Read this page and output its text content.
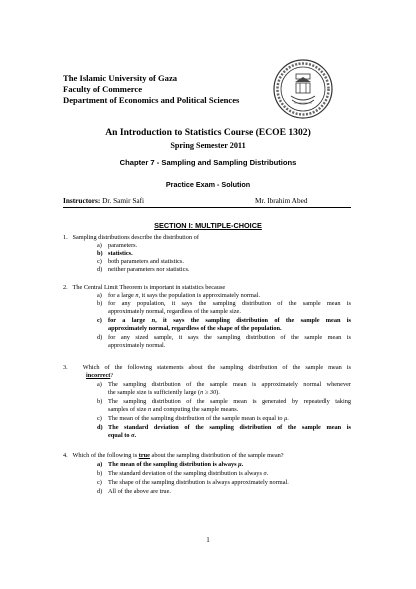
The Islamic University of Gaza
Faculty of Commerce
Department of Economics and Political Sciences
An Introduction to Statistics Course (ECOE 1302)
Spring Semester 2011
Chapter 7 - Sampling and Sampling Distributions
Practice Exam - Solution
Instructors: Dr. Samir Safi	Mr. Ibrahim Abed
SECTION I: MULTIPLE-CHOICE
1. Sampling distributions describe the distribution of
a) parameters.
b) statistics.
c) both parameters and statistics.
d) neither parameters nor statistics.
2. The Central Limit Theorem is important in statistics because
a) for a large n, it says the population is approximately normal.
b) for any population, it says the sampling distribution of the sample mean is
approximately normal, regardless of the sample size.
c) for a large n, it says the sampling distribution of the sample mean is
approximately normal, regardless of the shape of the population.
d) for any sized sample, it says the sampling distribution of the sample mean is
approximately normal.
3. Which of the following statements about the sampling distribution of the sample mean is
incorrect?
a) The sampling distribution of the sample mean is approximately normal whenever
the sample size is sufficiently large (n ≥ 30).
b) The sampling distribution of the sample mean is generated by repeatedly taking
samples of size n and computing the sample means.
c) The mean of the sampling distribution of the sample mean is equal to μ.
d) The standard deviation of the sampling distribution of the sample mean is
equal to σ.
4. Which of the following is true about the sampling distribution of the sample mean?
a) The mean of the sampling distribution is always μ.
b) The standard deviation of the sampling distribution is always σ.
c) The shape of the sampling distribution is always approximately normal.
d) All of the above are true.
1
